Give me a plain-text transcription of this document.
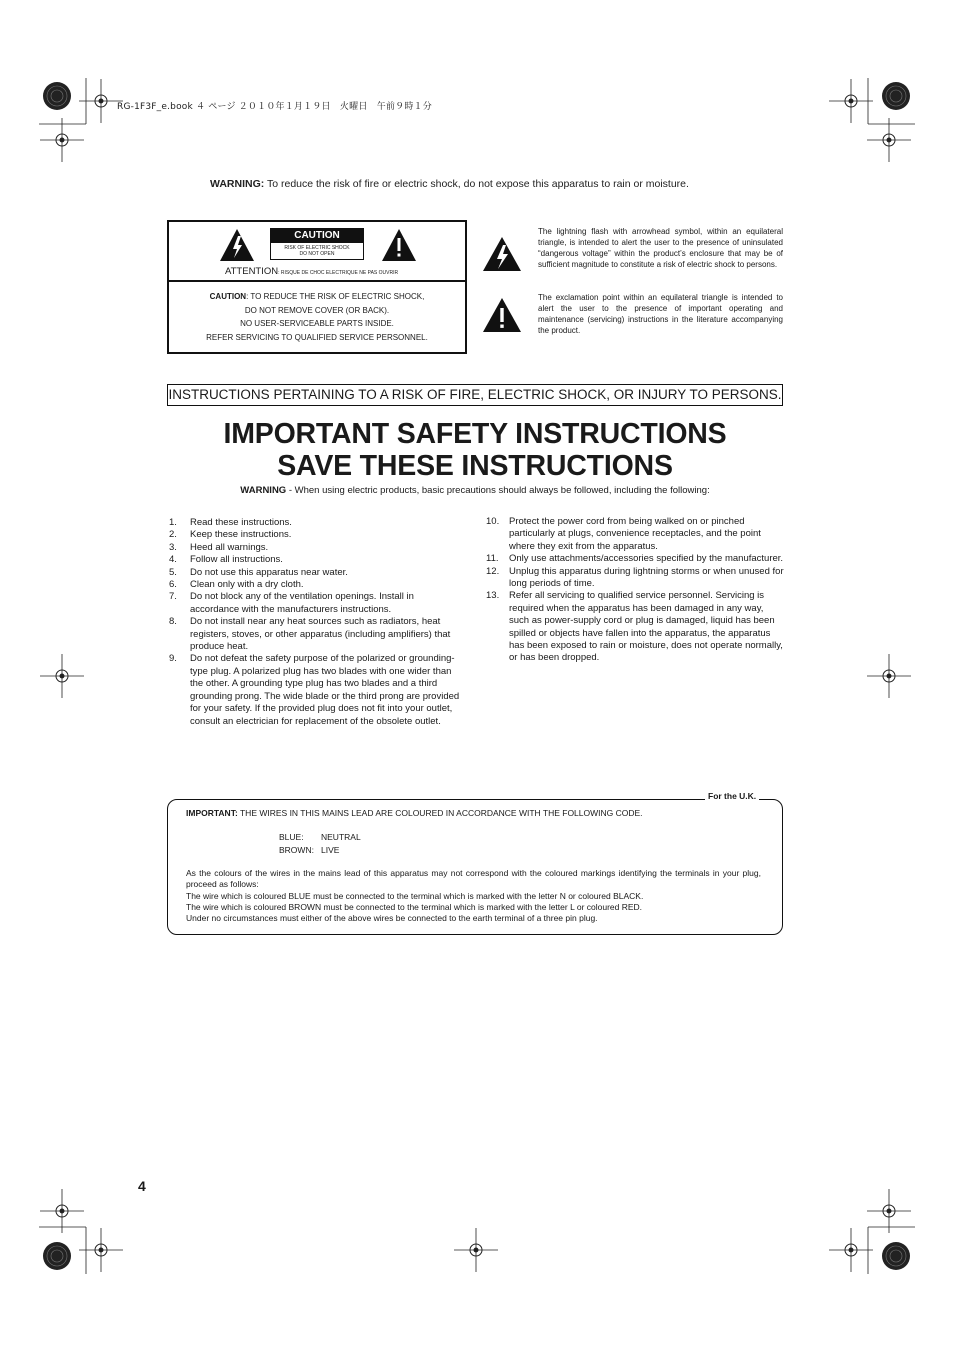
RG-1F3F_e.book ４ ページ ２０１０年１月１９日　火曜日　午前９時１分
WARNING: To reduce the risk of fire or electric shock, do not expose this apparatus to rain or moisture.
CAUTION
RISK OF ELECTRIC SHOCK
DO NOT OPEN
ATTENTION: RISQUE DE CHOC ELECTRIQUE NE PAS OUVRIR
CAUTION: TO REDUCE THE RISK OF ELECTRIC SHOCK,
DO NOT REMOVE COVER (OR BACK).
NO USER-SERVICEABLE PARTS INSIDE.
REFER SERVICING TO QUALIFIED SERVICE PERSONNEL.
The lightning flash with arrowhead symbol, within an equilateral triangle, is intended to alert the user to the presence of uninsulated “dangerous voltage” within the product’s enclosure that may be of sufficient magnitude to constitute a risk of electric shock to persons.
The exclamation point within an equilateral triangle is intended to alert the user to the presence of important operating and maintenance (servicing) instructions in the literature accompanying the product.
INSTRUCTIONS PERTAINING TO A RISK OF FIRE, ELECTRIC SHOCK, OR INJURY TO PERSONS.
IMPORTANT SAFETY INSTRUCTIONS
SAVE THESE INSTRUCTIONS
WARNING - When using electric products, basic precautions should always be followed, including the following:
1. Read these instructions.
2. Keep these instructions.
3. Heed all warnings.
4. Follow all instructions.
5. Do not use this apparatus near water.
6. Clean only with a dry cloth.
7. Do not block any of the ventilation openings. Install in accordance with the manufacturers instructions.
8. Do not install near any heat sources such as radiators, heat registers, stoves, or other apparatus (including amplifiers) that produce heat.
9. Do not defeat the safety purpose of the polarized or grounding-type plug. A polarized plug has two blades with one wider than the other. A grounding type plug has two blades and a third grounding prong. The wide blade or the third prong are provided for your safety. If the provided plug does not fit into your outlet, consult an electrician for replacement of the obsolete outlet.
10. Protect the power cord from being walked on or pinched particularly at plugs, convenience receptacles, and the point where they exit from the apparatus.
11. Only use attachments/accessories specified by the manufacturer.
12. Unplug this apparatus during lightning storms or when unused for long periods of time.
13. Refer all servicing to qualified service personnel. Servicing is required when the apparatus has been damaged in any way, such as power-supply cord or plug is damaged, liquid has been spilled or objects have fallen into the apparatus, the apparatus has been exposed to rain or moisture, does not operate normally, or has been dropped.
For the U.K.
IMPORTANT: THE WIRES IN THIS MAINS LEAD ARE COLOURED IN ACCORDANCE WITH THE FOLLOWING CODE.
BLUE: NEUTRAL
BROWN: LIVE
As the colours of the wires in the mains lead of this apparatus may not correspond with the coloured markings identifying the terminals in your plug, proceed as follows:
The wire which is coloured BLUE must be connected to the terminal which is marked with the letter N or coloured BLACK.
The wire which is coloured BROWN must be connected to the terminal which is marked with the letter L or coloured RED.
Under no circumstances must either of the above wires be connected to the earth terminal of a three pin plug.
4
